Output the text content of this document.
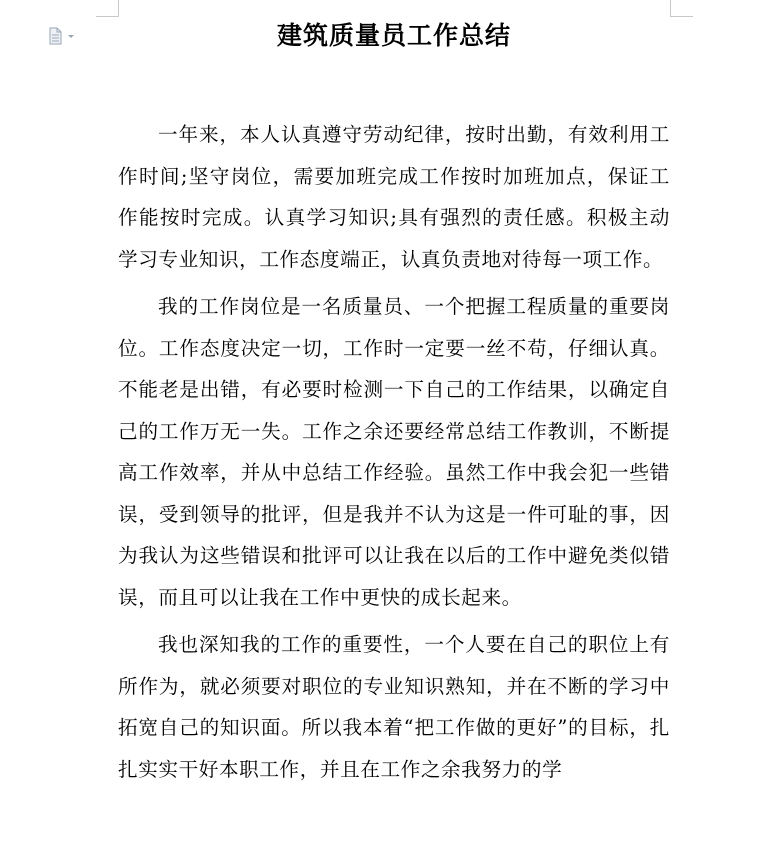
建筑质量员工作总结

一年来，本人认真遵守劳动纪律，按时出勤，有效利用工作时间;坚守岗位，需要加班完成工作按时加班加点，保证工作能按时完成。认真学习知识;具有强烈的责任感。积极主动学习专业知识，工作态度端正，认真负责地对待每一项工作。

我的工作岗位是一名质量员、一个把握工程质量的重要岗位。工作态度决定一切，工作时一定要一丝不苟，仔细认真。不能老是出错，有必要时检测一下自己的工作结果，以确定自己的工作万无一失。工作之余还要经常总结工作教训，不断提高工作效率，并从中总结工作经验。虽然工作中我会犯一些错误，受到领导的批评，但是我并不认为这是一件可耻的事，因为我认为这些错误和批评可以让我在以后的工作中避免类似错误，而且可以让我在工作中更快的成长起来。

我也深知我的工作的重要性，一个人要在自己的职位上有所作为，就必须要对职位的专业知识熟知，并在不断的学习中拓宽自己的知识面。所以我本着“把工作做的更好”的目标，扎扎实实干好本职工作，并且在工作之余我努力的学
